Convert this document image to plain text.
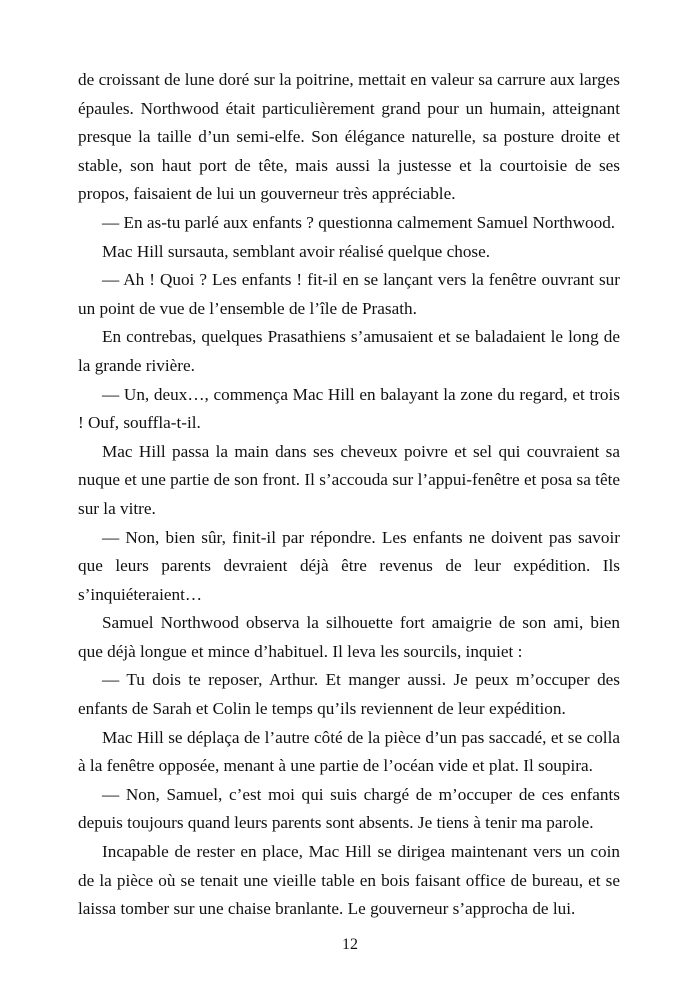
de croissant de lune doré sur la poitrine, mettait en valeur sa carrure aux larges épaules. Northwood était particulièrement grand pour un humain, atteignant presque la taille d’un semi-elfe. Son élégance naturelle, sa posture droite et stable, son haut port de tête, mais aussi la justesse et la courtoisie de ses propos, faisaient de lui un gouverneur très appréciable.

— En as-tu parlé aux enfants ? questionna calmement Samuel Northwood.

Mac Hill sursauta, semblant avoir réalisé quelque chose.

— Ah ! Quoi ? Les enfants ! fit-il en se lançant vers la fenêtre ouvrant sur un point de vue de l’ensemble de l’île de Prasath.

En contrebas, quelques Prasathiens s’amusaient et se baladaient le long de la grande rivière.

— Un, deux…, commença Mac Hill en balayant la zone du regard, et trois ! Ouf, souffla-t-il.

Mac Hill passa la main dans ses cheveux poivre et sel qui couvraient sa nuque et une partie de son front. Il s’accouda sur l’appui-fenêtre et posa sa tête sur la vitre.

— Non, bien sûr, finit-il par répondre. Les enfants ne doivent pas savoir que leurs parents devraient déjà être revenus de leur expédition. Ils s’inquiéteraient…

Samuel Northwood observa la silhouette fort amaigrie de son ami, bien que déjà longue et mince d’habituel. Il leva les sourcils, inquiet :

— Tu dois te reposer, Arthur. Et manger aussi. Je peux m’occuper des enfants de Sarah et Colin le temps qu’ils reviennent de leur expédition.

Mac Hill se déplaça de l’autre côté de la pièce d’un pas saccadé, et se colla à la fenêtre opposée, menant à une partie de l’océan vide et plat. Il soupira.

— Non, Samuel, c’est moi qui suis chargé de m’occuper de ces enfants depuis toujours quand leurs parents sont absents. Je tiens à tenir ma parole.

Incapable de rester en place, Mac Hill se dirigea maintenant vers un coin de la pièce où se tenait une vieille table en bois faisant office de bureau, et se laissa tomber sur une chaise branlante. Le gouverneur s’approcha de lui.

12
